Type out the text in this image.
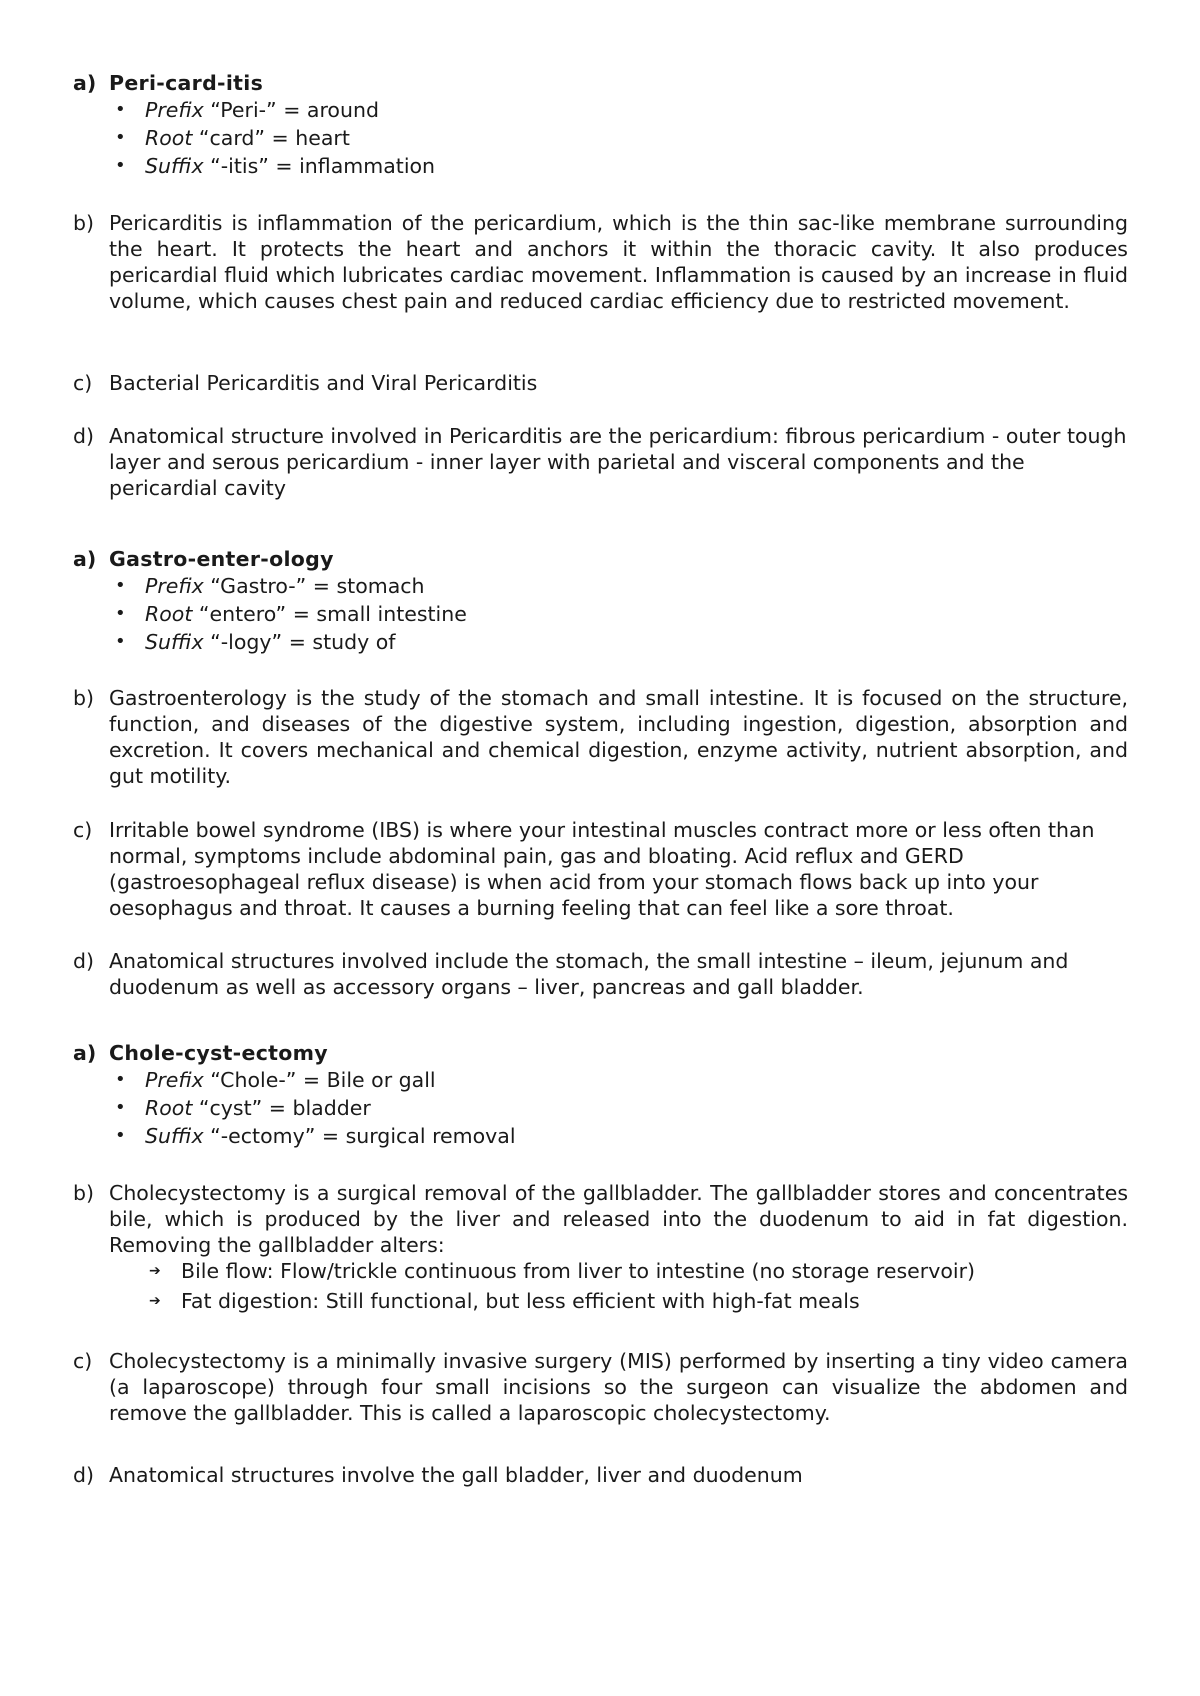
a) Peri-card-itis
• Prefix “Peri-” = around
• Root “card” = heart
• Suffix “-itis” = inflammation
b) Pericarditis is inflammation of the pericardium, which is the thin sac-like membrane surrounding the heart. It protects the heart and anchors it within the thoracic cavity. It also produces pericardial fluid which lubricates cardiac movement. Inflammation is caused by an increase in fluid volume, which causes chest pain and reduced cardiac efficiency due to restricted movement.
c) Bacterial Pericarditis and Viral Pericarditis
d) Anatomical structure involved in Pericarditis are the pericardium: fibrous pericardium - outer tough layer and serous pericardium - inner layer with parietal and visceral components and the pericardial cavity
a) Gastro-enter-ology
• Prefix “Gastro-” = stomach
• Root “entero” = small intestine
• Suffix “-logy” = study of
b) Gastroenterology is the study of the stomach and small intestine. It is focused on the structure, function, and diseases of the digestive system, including ingestion, digestion, absorption and excretion. It covers mechanical and chemical digestion, enzyme activity, nutrient absorption, and gut motility.
c) Irritable bowel syndrome (IBS) is where your intestinal muscles contract more or less often than normal, symptoms include abdominal pain, gas and bloating. Acid reflux and GERD (gastroesophageal reflux disease) is when acid from your stomach flows back up into your oesophagus and throat. It causes a burning feeling that can feel like a sore throat.
d) Anatomical structures involved include the stomach, the small intestine – ileum, jejunum and duodenum as well as accessory organs – liver, pancreas and gall bladder.
a) Chole-cyst-ectomy
• Prefix “Chole-” = Bile or gall
• Root “cyst” = bladder
• Suffix “-ectomy” = surgical removal
b) Cholecystectomy is a surgical removal of the gallbladder. The gallbladder stores and concentrates bile, which is produced by the liver and released into the duodenum to aid in fat digestion. Removing the gallbladder alters:
➔ Bile flow: Flow/trickle continuous from liver to intestine (no storage reservoir)
➔ Fat digestion: Still functional, but less efficient with high-fat meals
c) Cholecystectomy is a minimally invasive surgery (MIS) performed by inserting a tiny video camera (a laparoscope) through four small incisions so the surgeon can visualize the abdomen and remove the gallbladder. This is called a laparoscopic cholecystectomy.
d) Anatomical structures involve the gall bladder, liver and duodenum
